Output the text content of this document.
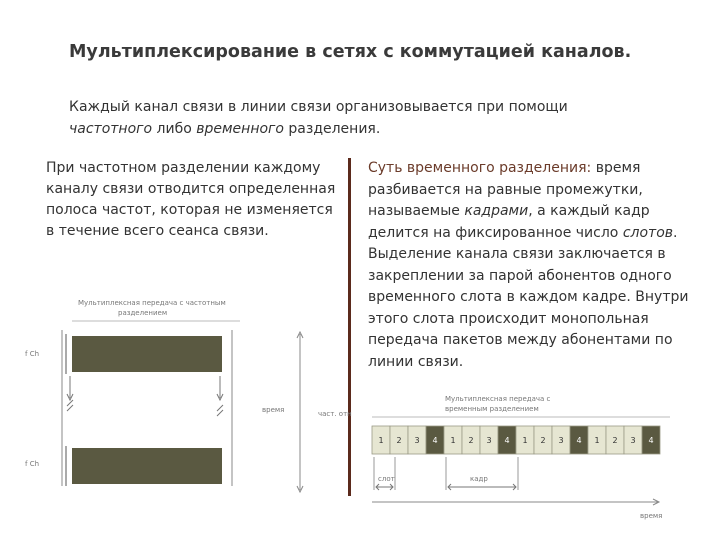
Мультиплексирование в сетях с коммутацией каналов.
Каждый канал связи в линии связи организовывается при помощи
частотного либо временного разделения.
При частотном разделении каждому каналу связи отводится определенная полоса частот, которая не изменяется в течение всего сеанса связи.
Суть временного разделения: время разбивается на равные промежутки, называемые кадрами, а каждый кадр делится на фиксированное число слотов. Выделение канала связи заключается в закреплении за парой абонентов одного временного слота в каждом кадре. Внутри этого слота происходит монопольная передача пакетов между абонентами по линии связи.
Мультиплексная передача с частотным
разделением
f Ch
f Ch
время	част. отн
Мультиплексная передача с
временным разделением
1 2 3 4 1 2 3 4 1 2 3 4 1 2 3 4
слот	кадр
время
